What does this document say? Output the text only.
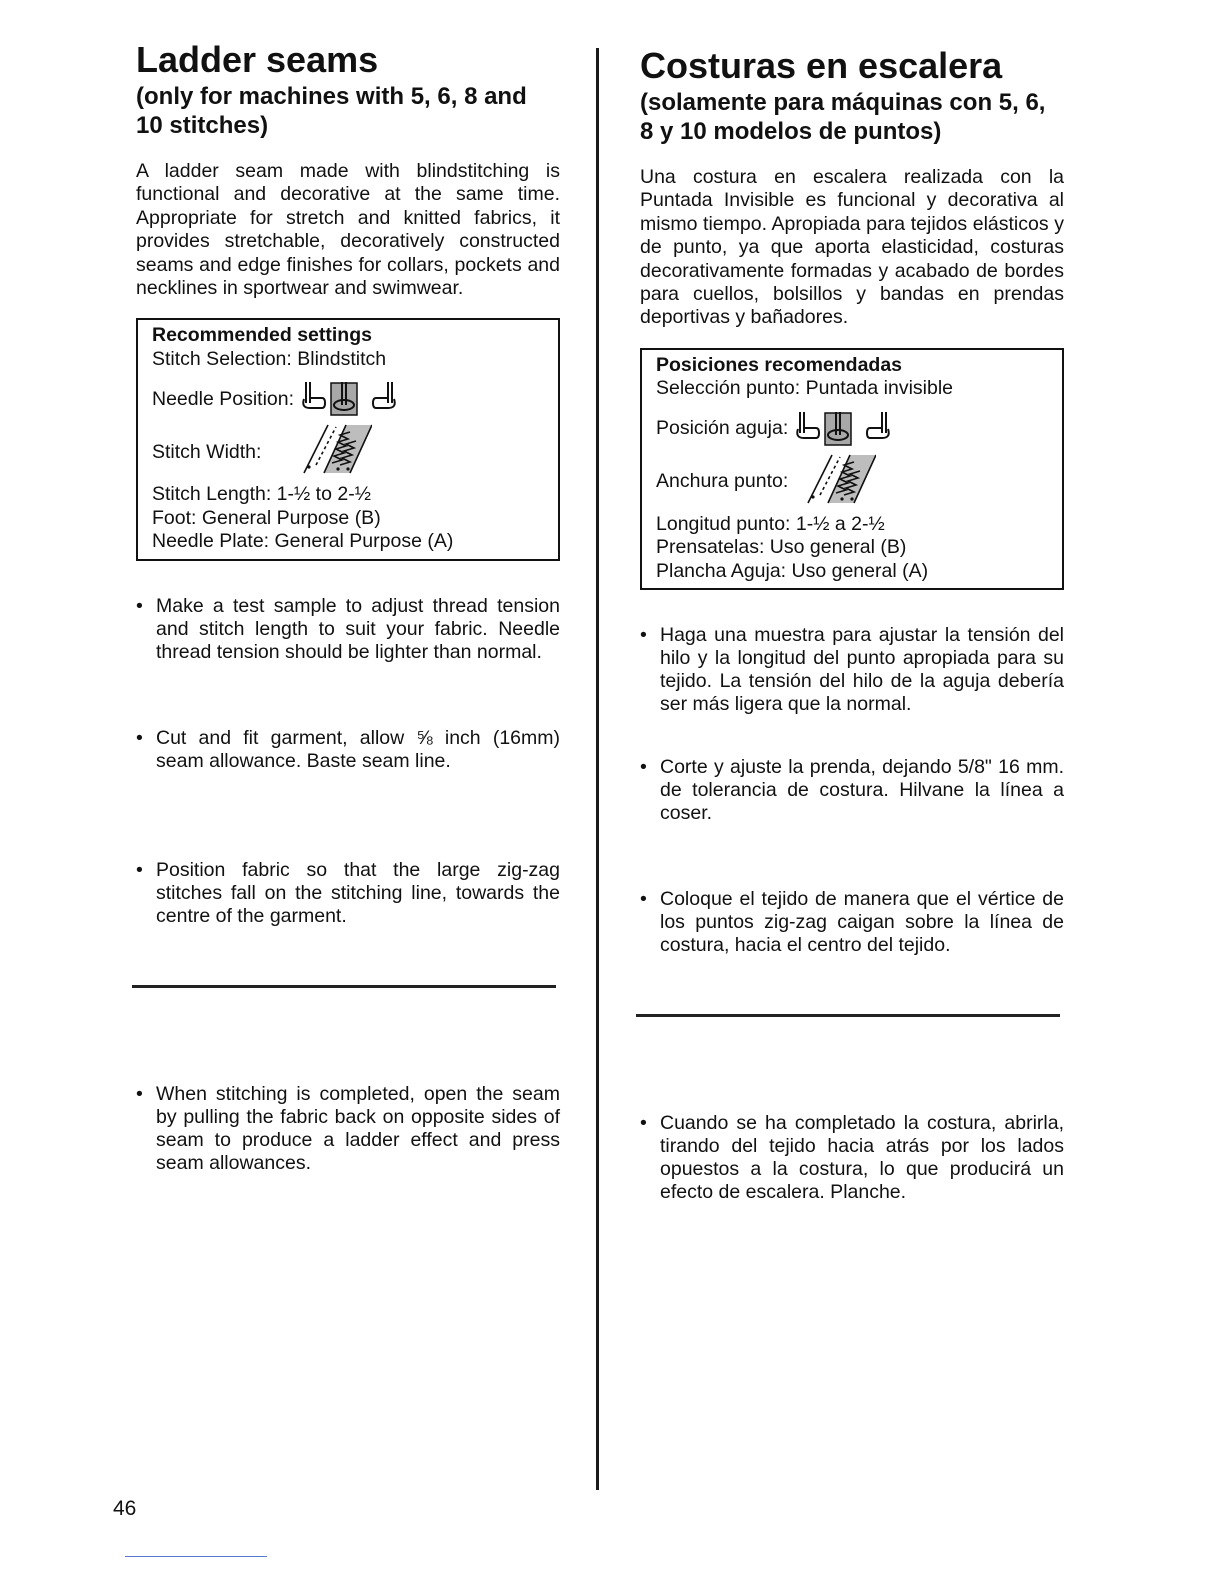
Ladder seams
(only for machines with 5, 6, 8 and 10 stitches)

A ladder seam made with blindstitching is functional and decorative at the same time. Appropriate for stretch and knitted fabrics, it provides stretchable, decoratively constructed seams and edge finishes for collars, pockets and necklines in sportwear and swimwear.

Recommended settings
Stitch Selection: Blindstitch
Needle Position:
Stitch Width:
Stitch Length: 1-½ to 2-½
Foot: General Purpose (B)
Needle Plate: General Purpose (A)
• Make a test sample to adjust thread tension and stitch length to suit your fabric. Needle thread tension should be lighter than normal.
• Cut and fit garment, allow ⅝ inch (16mm) seam allowance. Baste seam line.
• Position fabric so that the large zig-zag stitches fall on the stitching line, towards the centre of the garment.
• When stitching is completed, open the seam by pulling the fabric back on opposite sides of seam to produce a ladder effect and press seam allowances.
Costuras en escalera
(solamente para máquinas con 5, 6, 8 y 10 modelos de puntos)

Una costura en escalera realizada con la Puntada Invisible es funcional y decorativa al mismo tiempo. Apropiada para tejidos elásticos y de punto, ya que aporta elasticidad, costuras decorativamente formadas y acabado de bordes para cuellos, bolsillos y bandas en prendas deportivas y bañadores.

Posiciones recomendadas
Selección punto: Puntada invisible
Posición aguja:
Anchura punto:
Longitud punto: 1-½ a 2-½
Prensatelas: Uso general (B)
Plancha Aguja: Uso general (A)
• Haga una muestra para ajustar la tensión del hilo y la longitud del punto apropiada para su tejido. La tensión del hilo de la aguja debería ser más ligera que la normal.
• Corte y ajuste la prenda, dejando 5/8" 16 mm. de tolerancia de costura. Hilvane la línea a coser.
• Coloque el tejido de manera que el vértice de los puntos zig-zag caigan sobre la línea de costura, hacia el centro del tejido.
• Cuando se ha completado la costura, abrirla, tirando del tejido hacia atrás por los lados opuestos a la costura, lo que producirá un efecto de escalera. Planche.
46
